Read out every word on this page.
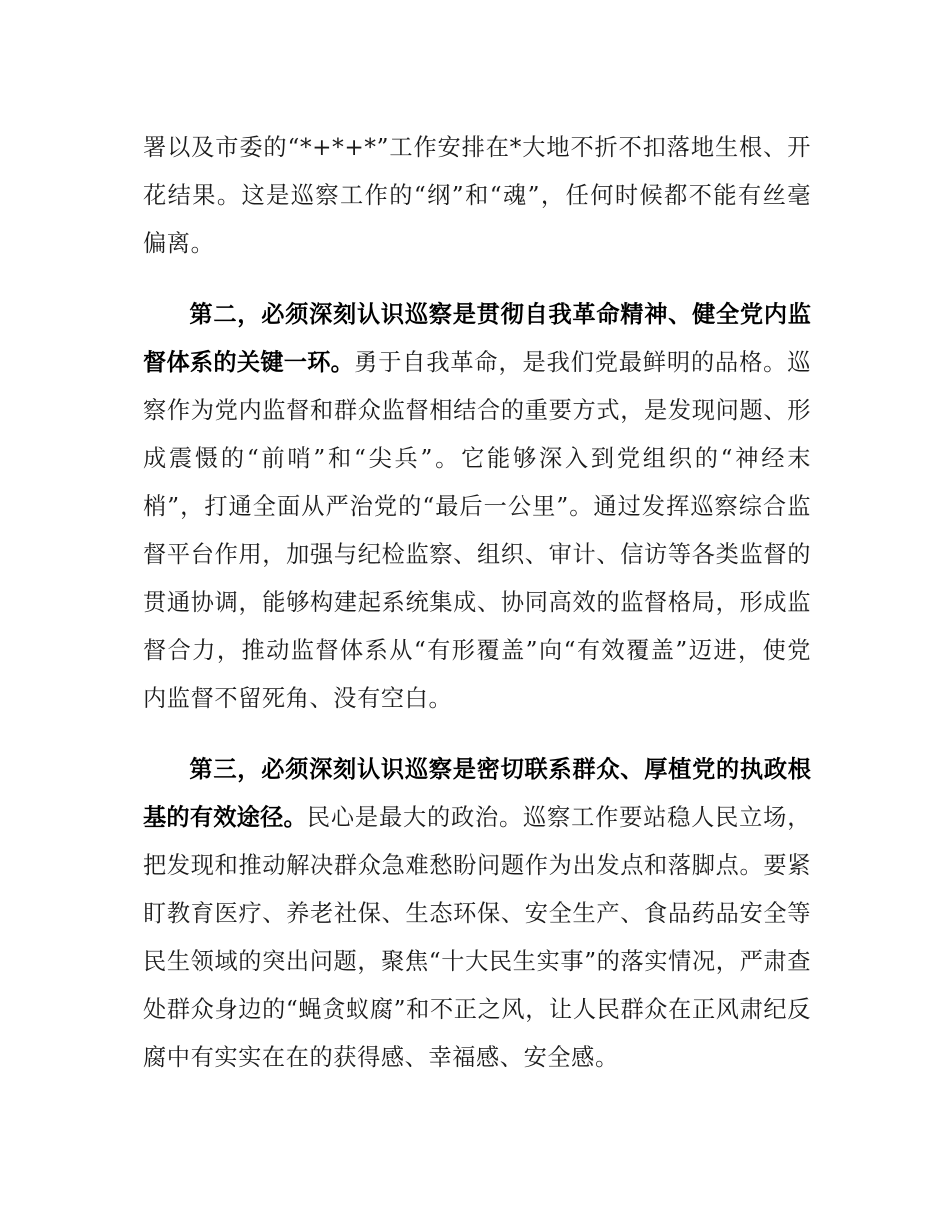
署以及市委的“*+*+*”工作安排在*大地不折不扣落地生根、开花结果。这是巡察工作的“纲”和“魂”，任何时候都不能有丝毫偏离。

第二，必须深刻认识巡察是贯彻自我革命精神、健全党内监督体系的关键一环。勇于自我革命，是我们党最鲜明的品格。巡察作为党内监督和群众监督相结合的重要方式，是发现问题、形成震慑的“前哨”和“尖兵”。它能够深入到党组织的“神经末梢”，打通全面从严治党的“最后一公里”。通过发挥巡察综合监督平台作用，加强与纪检监察、组织、审计、信访等各类监督的贯通协调，能够构建起系统集成、协同高效的监督格局，形成监督合力，推动监督体系从“有形覆盖”向“有效覆盖”迈进，使党内监督不留死角、没有空白。

第三，必须深刻认识巡察是密切联系群众、厚植党的执政根基的有效途径。民心是最大的政治。巡察工作要站稳人民立场，把发现和推动解决群众急难愁盼问题作为出发点和落脚点。要紧盯教育医疗、养老社保、生态环保、安全生产、食品药品安全等民生领域的突出问题，聚焦“十大民生实事”的落实情况，严肃查处群众身边的“蝇贪蚁腐”和不正之风，让人民群众在正风肃纪反腐中有实实在在的获得感、幸福感、安全感。
